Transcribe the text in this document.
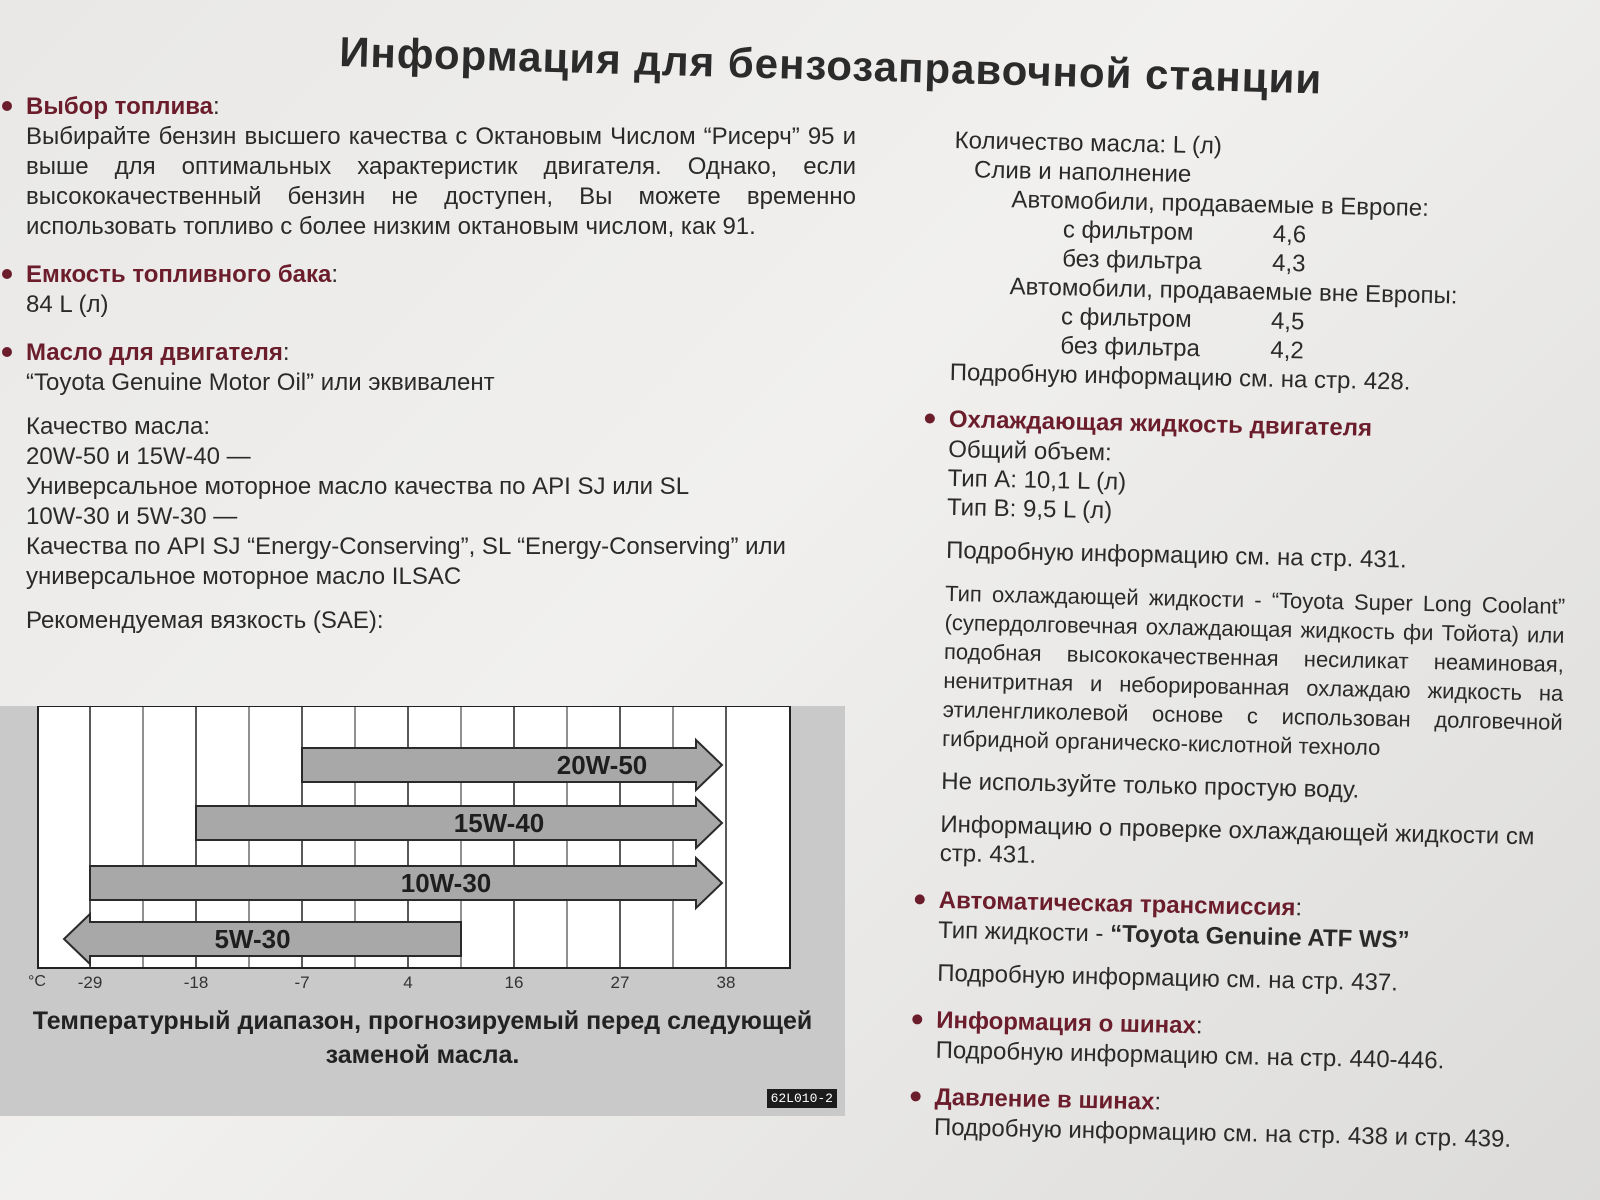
Информация для бензозаправочной станции
Выбор топлива:

Выбирайте бензин высшего качества с Октановым Числом “Риcерч” 95 и выше для оптимальных характеристик двигателя. Однако, если высококачественный бензин не доступен, Вы можете временно использовать топливо с более низким октановым числом, как 91.

Емкость топливного бака:

84 L (л)

Масло для двигателя:

“Toyota Genuine Motor Oil” или эквивалент

Качество масла:

20W-50 и 15W-40 —

Универсальное моторное масло качества по API SJ или SL

10W-30 и 5W-30 —

Качества по API SJ “Energy-Conserving”, SL “Energy-Conserving” или универсальное моторное масло ILSAC

Рекомендуемая вязкость (SAE):

°C -29	-18	-7	4	16	27	38
20W-50
15W-40
10W-30
5W-30
Температурный диапазон, прогнозируемый перед следующей заменой масла.
62L010-2

Количество масла: L (л)

Слив и наполнение

Автомобили, продаваемые в Европе:

с фильтром	4,6
без фильтра	4,3

Автомобили, продаваемые вне Европы:

с фильтром	4,5
без фильтра	4,2

Подробную информацию см. на стр. 428.

Охлаждающая жидкость двигателя

Общий объем:

Тип А: 10,1 L (л)

Тип В: 9,5 L (л)

Подробную информацию см. на стр. 431.

Тип охлаждающей жидкости - “Toyota Super Long Coolant” (супердолговечная охлаждающая жидкость фи Тойота) или подобная высококачественная несиликат неаминовая, ненитритная и неборированная охлаждаю жидкость на этиленгликолевой основе с использован долговечной гибридной органическо-кислотной техноло

Не используйте только простую воду.

Информацию о проверке охлаждающей жидкости см стр. 431.

Автоматическая трансмиссия:

Тип жидкости - “Toyota Genuine ATF WS”

Подробную информацию см. на стр. 437.

Информация о шинах:

Подробную информацию см. на стр. 440-446.

Давление в шинах:

Подробную информацию см. на стр. 438 и стр. 439.
